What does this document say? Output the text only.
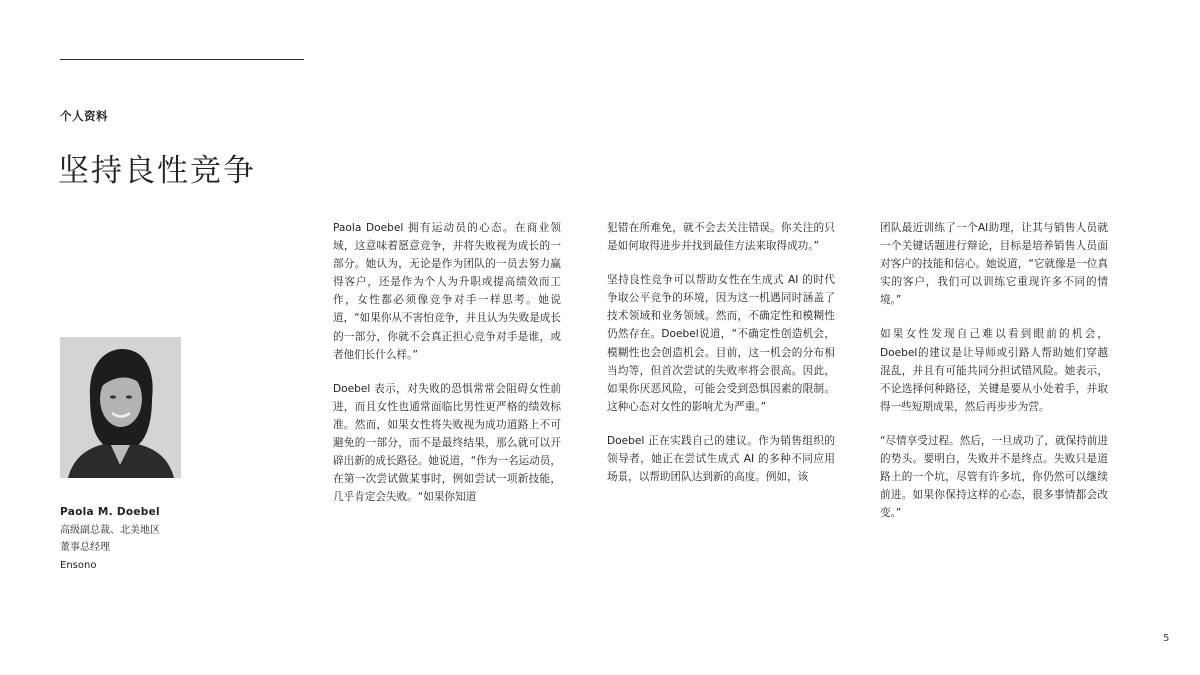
个人资料
坚持良性竞争
Paola M. Doebel
高级副总裁、北美地区
董事总经理
Ensono

Paola Doebel 拥有运动员的心态。在商业领域，这意味着愿意竞争，并将失败视为成长的一部分。她认为，无论是作为团队的一员去努力赢得客户，还是作为个人为升职或提高绩效而工作，女性都必须像竞争对手一样思考。她说道，“如果你从不害怕竞争，并且认为失败是成长的一部分，你就不会真正担心竞争对手是谁，或者他们长什么样。”

Doebel 表示，对失败的恐惧常常会阻碍女性前进，而且女性也通常面临比男性更严格的绩效标准。然而，如果女性将失败视为成功道路上不可避免的一部分，而不是最终结果，那么就可以开辟出新的成长路径。她说道，“作为一名运动员，在第一次尝试做某事时，例如尝试一项新技能，几乎肯定会失败。“如果你知道

犯错在所难免，就不会去关注错误。你关注的只是如何取得进步并找到最佳方法来取得成功。”

坚持良性竞争可以帮助女性在生成式 AI 的时代争取公平竞争的环境，因为这一机遇同时涵盖了技术领域和业务领域。然而，不确定性和模糊性仍然存在。Doebel说道，“不确定性创造机会，模糊性也会创造机会。目前，这一机会的分布相当均等，但首次尝试的失败率将会很高。因此，如果你厌恶风险，可能会受到恐惧因素的限制。这种心态对女性的影响尤为严重。”

Doebel 正在实践自己的建议。作为销售组织的领导者，她正在尝试生成式 AI 的多种不同应用场景，以帮助团队达到新的高度。例如，该

团队最近训练了一个AI助理，让其与销售人员就一个关键话题进行辩论，目标是培养销售人员面对客户的技能和信心。她说道，“它就像是一位真实的客户，我们可以训练它重现许多不同的情境。”

如果女性发现自己难以看到眼前的机会，Doebel的建议是让导师或引路人帮助她们穿越混乱，并且有可能共同分担试错风险。她表示，不论选择何种路径，关键是要从小处着手，并取得一些短期成果，然后再步步为营。

“尽情享受过程。然后，一旦成功了，就保持前进的势头。要明白，失败并不是终点。失败只是道路上的一个坑，尽管有许多坑，你仍然可以继续前进。如果你保持这样的心态，很多事情都会改变。”

5
